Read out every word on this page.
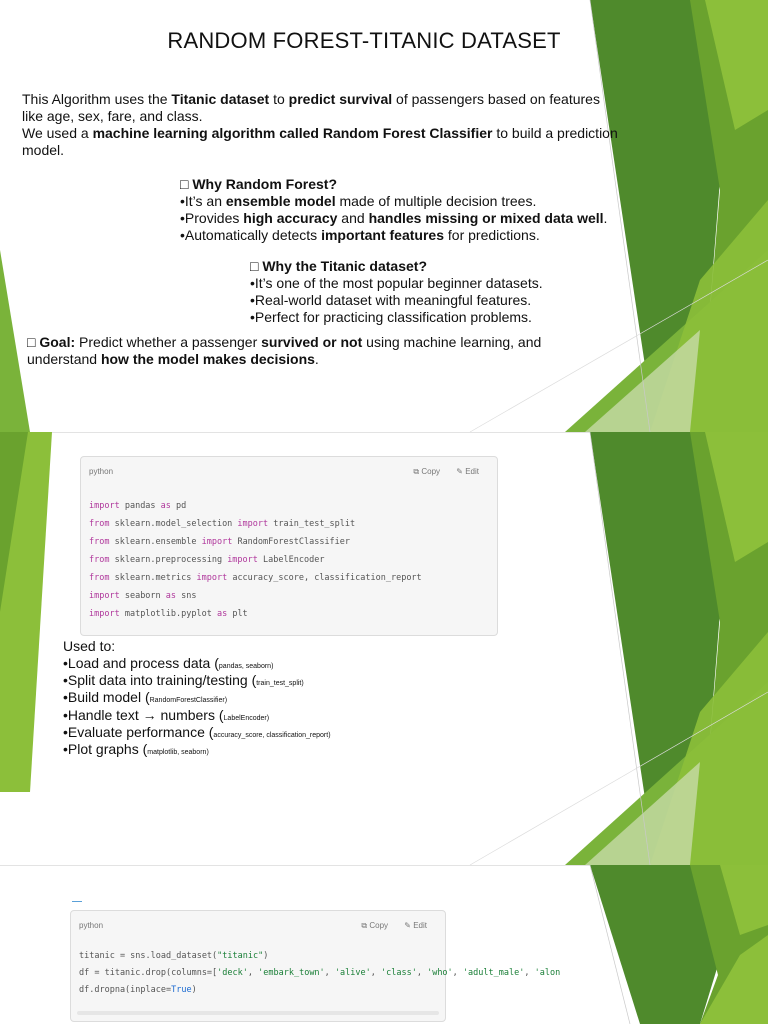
RANDOM FOREST-TITANIC DATASET
This Algorithm uses the Titanic dataset to predict survival of passengers based on features
like age, sex, fare, and class.
We used a machine learning algorithm called Random Forest Classifier to build a prediction
model.
□ Why Random Forest?
•It’s an ensemble model made of multiple decision trees.
•Provides high accuracy and handles missing or mixed data well.
•Automatically detects important features for predictions.
□ Why the Titanic dataset?
•It’s one of the most popular beginner datasets.
•Real-world dataset with meaningful features.
•Perfect for practicing classification problems.
□ Goal: Predict whether a passenger survived or not using machine learning, and
understand how the model makes decisions.
python	⧉ Copy ✎ Edit
import pandas as pd
from sklearn.model_selection import train_test_split
from sklearn.ensemble import RandomForestClassifier
from sklearn.preprocessing import LabelEncoder
from sklearn.metrics import accuracy_score, classification_report
import seaborn as sns
import matplotlib.pyplot as plt
Used to:
•Load and process data (pandas, seaborn)
•Split data into training/testing (train_test_split)
•Build model (RandomForestClassifier)
•Handle text → numbers (LabelEncoder)
•Evaluate performance (accuracy_score, classification_report)
•Plot graphs (matplotlib, seaborn)
python	⧉ Copy ✎ Edit
titanic = sns.load_dataset("titanic")
df = titanic.drop(columns=['deck', 'embark_town', 'alive', 'class', 'who', 'adult_male', 'alon
df.dropna(inplace=True)
